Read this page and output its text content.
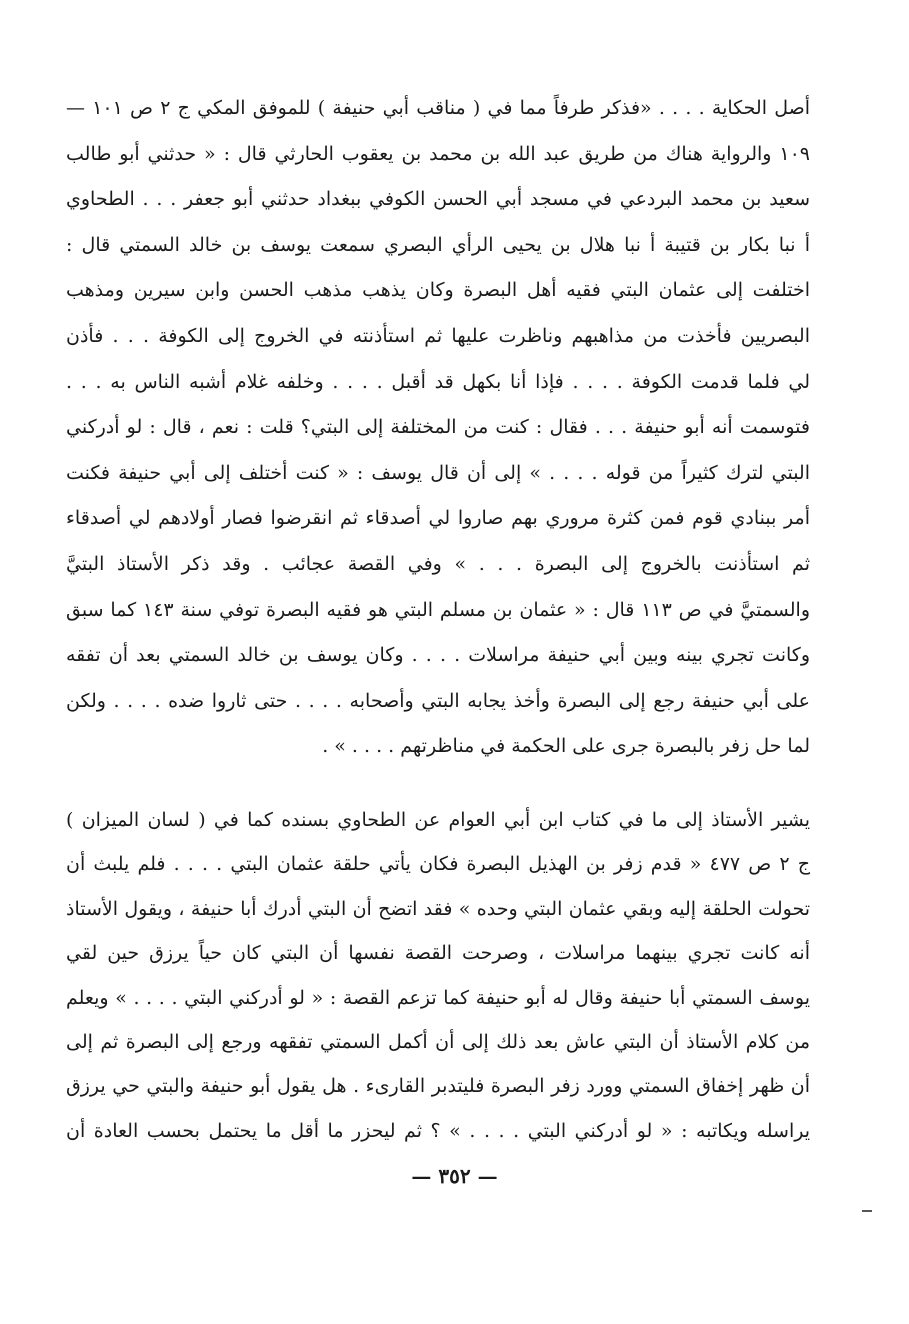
أصل الحكاية . . . . «فذكر طرفاً مما في ( مناقب أبي حنيفة ) للموفق المكي ج ٢ ص ١٠١ —
١٠٩ والرواية هناك من طريق عبد الله بن محمد بن يعقوب الحارثي قال : « حدثني أبو طالب
سعيد بن محمد البردعي في مسجد أبي الحسن الكوفي ببغداد حدثني أبو جعفر . . . الطحاوي
أ نبا بكار بن قتيبة أ نبا هلال بن يحيى الرأي البصري سمعت يوسف بن خالد السمتي قال :
اختلفت إلى عثمان البتي فقيه أهل البصرة وكان يذهب مذهب الحسن وابن سيرين ومذهب
البصريين فأخذت من مذاهبهم وناظرت عليها ثم استأذنته في الخروج إلى الكوفة . . . فأذن
لي فلما قدمت الكوفة . . . . فإذا أنا بكهل قد أقبل . . . . وخلفه غلام أشبه الناس به . . .
فتوسمت أنه أبو حنيفة . . . فقال : كنت من المختلفة إلى البتي؟ قلت : نعم ، قال : لو أدركني
البتي لترك كثيراً من قوله . . . . » إلى أن قال يوسف : « كنت أختلف إلى أبي حنيفة فكنت
أمر ببنادي قوم فمن كثرة مروري بهم صاروا لي أصدقاء ثم انقرضوا فصار أولادهم لي أصدقاء
ثم استأذنت بالخروج إلى البصرة . . . » وفي القصة عجائب . وقد ذكر الأستاذ البتيَّ
والسمتيَّ في ص ١١٣ قال : « عثمان بن مسلم البتي هو فقيه البصرة توفي سنة ١٤٣ كما سبق
وكانت تجري بينه وبين أبي حنيفة مراسلات . . . . وكان يوسف بن خالد السمتي بعد أن تفقه
على أبي حنيفة رجع إلى البصرة وأخذ يجابه البتي وأصحابه . . . . حتى ثاروا ضده . . . . ولكن
لما حل زفر بالبصرة جرى على الحكمة في مناظرتهم . . . . » .
يشير الأستاذ إلى ما في كتاب ابن أبي العوام عن الطحاوي بسنده كما في ( لسان الميزان )
ج ٢ ص ٤٧٧ « قدم زفر بن الهذيل البصرة فكان يأتي حلقة عثمان البتي . . . . فلم يلبث أن
تحولت الحلقة إليه وبقي عثمان البتي وحده » فقد اتضح أن البتي أدرك أبا حنيفة ، ويقول الأستاذ
أنه كانت تجري بينهما مراسلات ، وصرحت القصة نفسها أن البتي كان حياً يرزق حين لقي
يوسف السمتي أبا حنيفة وقال له أبو حنيفة كما تزعم القصة : « لو أدركني البتي . . . . » ويعلم
من كلام الأستاذ أن البتي عاش بعد ذلك إلى أن أكمل السمتي تفقهه ورجع إلى البصرة ثم إلى
أن ظهر إخفاق السمتي وورد زفر البصرة فليتدبر القارىء . هل يقول أبو حنيفة والبتي حي يرزق
يراسله ويكاتبه : « لو أدركني البتي . . . . » ؟ ثم ليحزر ما أقل ما يحتمل بحسب العادة أن
— ٣٥٢ —
